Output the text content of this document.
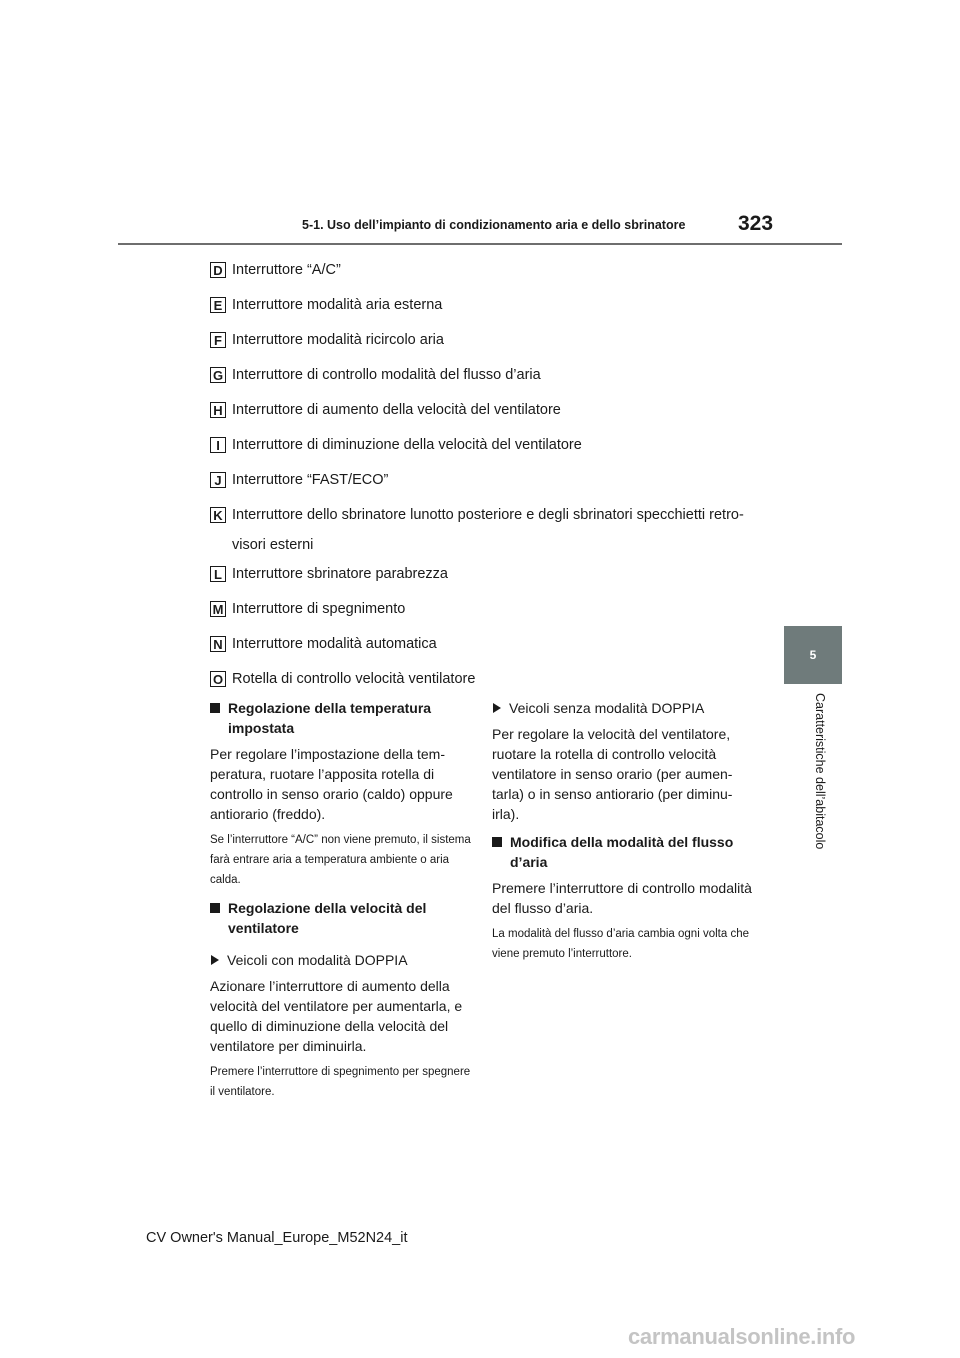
5-1. Uso dell’impianto di condizionamento aria e dello sbrinatore	323
5
Caratteristiche dell’abitacolo
D Interruttore “A/C”
E Interruttore modalità aria esterna
F Interruttore modalità ricircolo aria
G Interruttore di controllo modalità del flusso d’aria
H Interruttore di aumento della velocità del ventilatore
I Interruttore di diminuzione della velocità del ventilatore
J Interruttore “FAST/ECO”
K Interruttore dello sbrinatore lunotto posteriore e degli sbrinatori specchietti retro-
visori esterni
L Interruttore sbrinatore parabrezza
M Interruttore di spegnimento
N Interruttore modalità automatica
O Rotella di controllo velocità ventilatore
Regolazione della temperatura impostata

Per regolare l’impostazione della tem-peratura, ruotare l’apposita rotella di controllo in senso orario (caldo) oppure antiorario (freddo).

Se l’interruttore “A/C” non viene premuto, il sistema farà entrare aria a temperatura ambiente o aria calda.

Regolazione della velocità del ventilatore
Veicoli con modalità DOPPIA

Azionare l’interruttore di aumento della velocità del ventilatore per aumentarla, e quello di diminuzione della velocità del ventilatore per diminuirla.

Premere l’interruttore di spegnimento per spegnere il ventilatore.

Veicoli senza modalità DOPPIA

Per regolare la velocità del ventilatore, ruotare la rotella di controllo velocità ventilatore in senso orario (per aumen-tarla) o in senso antiorario (per diminu-irla).

Modifica della modalità del flusso d’aria

Premere l’interruttore di controllo modalità del flusso d’aria.

La modalità del flusso d’aria cambia ogni volta che viene premuto l’interruttore.

CV Owner's Manual_Europe_M52N24_it
carmanualsonline.info
